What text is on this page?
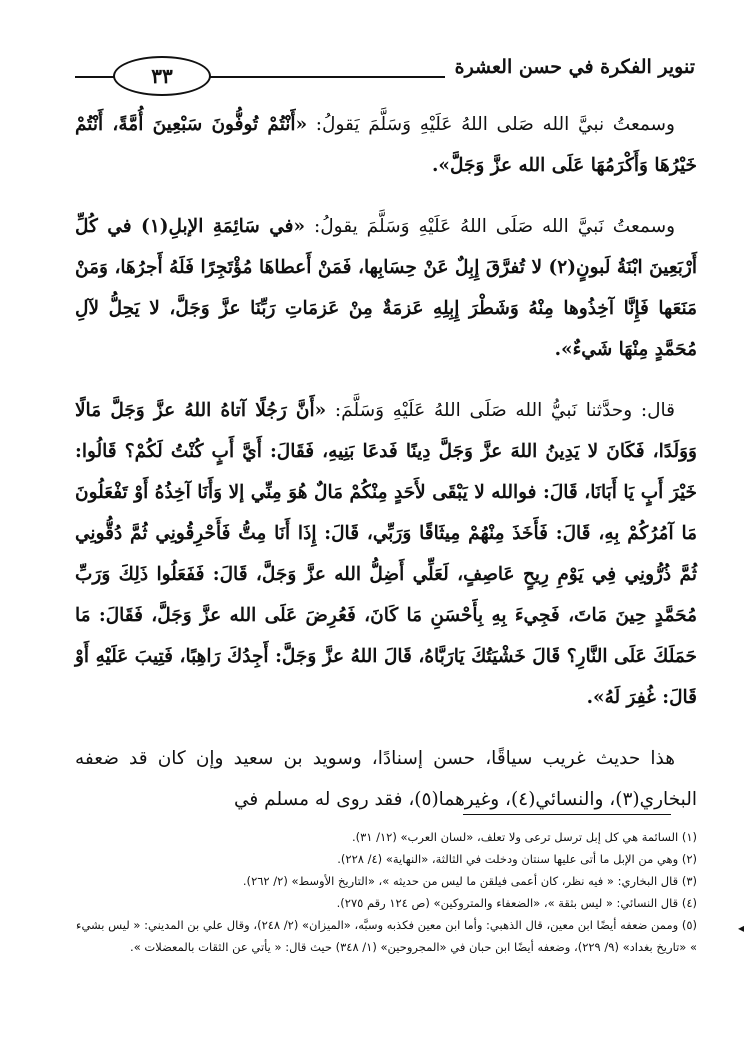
٣٣	تنوير الفكرة في حسن العشرة

وسمعتُ نبيَّ الله صَلى اللهُ عَلَيْهِ وَسَلَّمَ يَقولُ: «أَنْتُمْ تُوفُّونَ سَبْعِينَ أُمَّةً، أَنْتُمْ خَيْرُهَا وَأَكْرَمُهَا عَلَى الله عزَّ وَجَلَّ».

وسمعتُ نَبيَّ الله صَلَى اللهُ عَلَيْهِ وَسَلَّمَ يقولُ: «في سَائِمَةِ الإبلِ(١) في كُلِّ أَرْبَعِينَ ابْنَةُ لَبونٍ(٢) لا تُفرَّقَ إِبِلٌ عَنْ حِسَابِها، فَمَنْ أَعطاهَا مُؤْتَجِرًا فَلَهُ أَجرُهَا، وَمَنْ مَنَعَها فَإِنَّا آخِذُوها مِنْهُ وَشَطْرَ إِبِلِهِ عَزمَةٌ مِنْ عَزمَاتِ رَبِّنَا عزَّ وَجَلَّ، لا يَحِلُّ لآلِ مُحَمَّدٍ مِنْهَا شَيءٌ».

قال: وحدَّثنا نَبيُّ الله صَلَى اللهُ عَلَيْهِ وَسَلَّمَ: «أَنَّ رَجُلًا آتاهُ اللهُ عزَّ وَجَلَّ مَالًا وَوَلَدًا، فَكَانَ لا يَدِينُ اللهَ عزَّ وَجَلَّ دِينًا فَدعَا بَنِيهِ، فَقَالَ: أَيَّ أَبٍ كُنْتُ لَكُمْ؟ قَالُوا: خَيْرَ أَبٍ يَا أَبَانَا، قَالَ: فوالله لا يَبْقَى لأَحَدٍ مِنْكُمْ مَالٌ هُوَ مِنِّي إلا وَأَنَا آخِذُهُ أَوْ تَفْعَلُونَ مَا آمُرُكُمْ بِهِ، قَالَ: فَأَخَذَ مِنْهُمْ مِيثَاقًا وَرَبِّي، قَالَ: إِذَا أَنَا مِتُّ فَأَحْرِقُونِي ثُمَّ دُقُّونِي ثُمَّ ذُرُّونِي فِي يَوْمِ رِيحٍ عَاصِفٍ، لَعَلِّي أَضِلُّ الله عزَّ وَجَلَّ، قَالَ: فَفَعَلُوا ذَلِكَ وَرَبِّ مُحَمَّدٍ حِينَ مَاتَ، فَجِيءَ بِهِ بِأَحْسَنِ مَا كَانَ، فَعُرِضَ عَلَى الله عزَّ وَجَلَّ، فَقَالَ: مَا حَمَلَكَ عَلَى النَّارِ؟ قَالَ خَشْيَتُكَ يَارَبَّاهُ، قَالَ اللهُ عزَّ وَجَلَّ: أَجِدُكَ رَاهِبًا، فَتِيبَ عَلَيْهِ أَوْ قَالَ: غُفِرَ لَهُ».

هذا حديث غريب سياقًا، حسن إسنادًا، وسويد بن سعيد وإن كان قد ضعفه البخاري(٣)، والنسائي(٤)، وغيرهما(٥)، فقد روى له مسلم في

(١) السائمة هي كل إبل ترسل ترعى ولا تعلف، «لسان العرب» (١٢/ ٣١).

(٢) وهي من الإبل ما أتى عليها سنتان ودخلت في الثالثة، «النهاية» (٤/ ٢٢٨).

(٣) قال البخاري: « فيه نظر، كان أعمى فيلقن ما ليس من حديثه »، «التاريخ الأوسط» (٢/ ٢٦٢).

(٤) قال النسائي: « ليس بثقة »، «الضعفاء والمتروكين» (ص ١٢٤ رقم ٢٧٥).

(٥) وممن ضعفه أيضًا ابن معين، قال الذهبي: وأما ابن معين فكذبه وسبَّه، «الميزان» (٢/ ٢٤٨)، وقال علي بن المديني: « ليس بشيء » «تاريخ بغداد» (٩/ ٢٢٩)، وضعفه أيضًا ابن حبان في «المجروحين» (١/ ٣٤٨) حيث قال: « يأتي عن الثقات بالمعضلات ».

◂
